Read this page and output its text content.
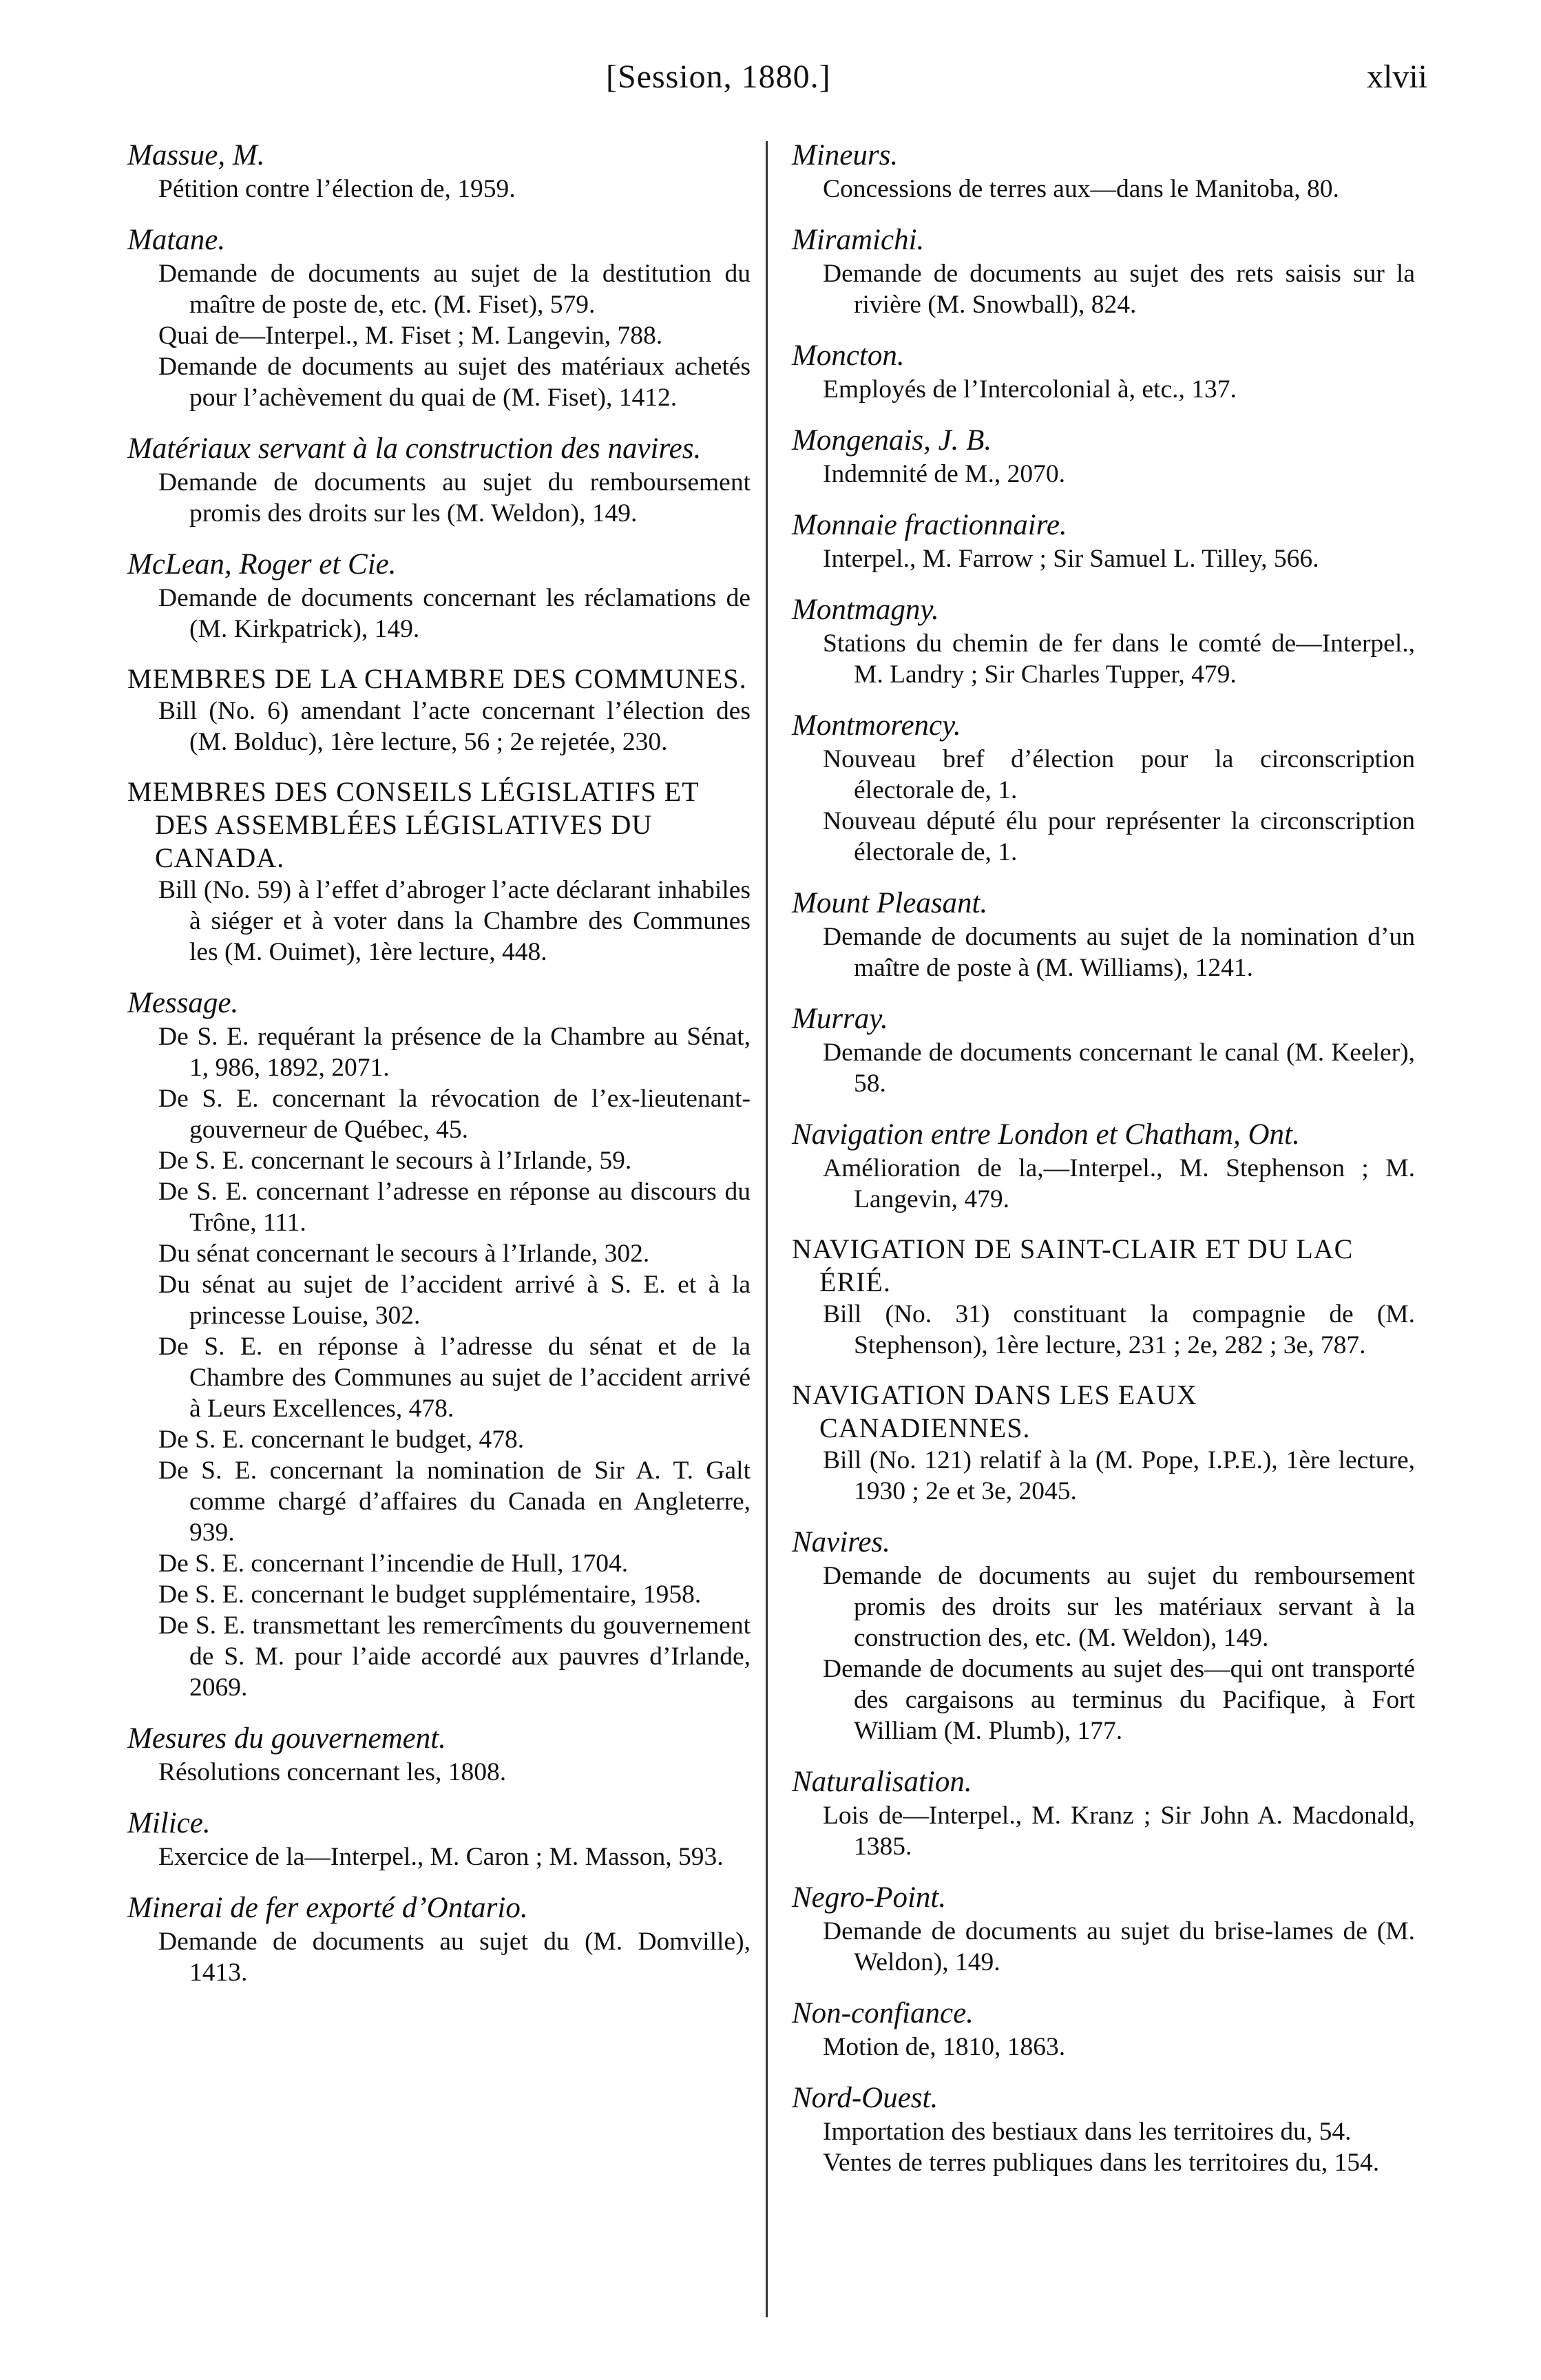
[Session, 1880.]	xlvii

Massue, M.

Pétition contre l’élection de, 1959.

Matane.

Demande de documents au sujet de la destitution du maître de poste de, etc. (M. Fiset), 579.

Quai de—Interpel., M. Fiset ; M. Langevin, 788.

Demande de documents au sujet des matériaux achetés pour l’achèvement du quai de (M. Fiset), 1412.

Matériaux servant à la construction des navires.

Demande de documents au sujet du remboursement promis des droits sur les (M. Weldon), 149.

McLean, Roger et Cie.

Demande de documents concernant les réclamations de (M. Kirkpatrick), 149.

MEMBRES DE LA CHAMBRE DES COMMUNES.

Bill (No. 6) amendant l’acte concernant l’élection des (M. Bolduc), 1ère lecture, 56 ; 2e rejetée, 230.

MEMBRES DES CONSEILS LÉGISLATIFS ET DES ASSEMBLÉES LÉGISLATIVES DU CANADA.

Bill (No. 59) à l’effet d’abroger l’acte déclarant inhabiles à siéger et à voter dans la Chambre des Communes les (M. Ouimet), 1ère lecture, 448.

Message.

De S. E. requérant la présence de la Chambre au Sénat, 1, 986, 1892, 2071.

De S. E. concernant la révocation de l’ex-lieutenant-gouverneur de Québec, 45.

De S. E. concernant le secours à l’Irlande, 59.

De S. E. concernant l’adresse en réponse au discours du Trône, 111.

Du sénat concernant le secours à l’Irlande, 302.

Du sénat au sujet de l’accident arrivé à S. E. et à la princesse Louise, 302.

De S. E. en réponse à l’adresse du sénat et de la Chambre des Communes au sujet de l’accident arrivé à Leurs Excellences, 478.

De S. E. concernant le budget, 478.

De S. E. concernant la nomination de Sir A. T. Galt comme chargé d’affaires du Canada en Angleterre, 939.

De S. E. concernant l’incendie de Hull, 1704.

De S. E. concernant le budget supplémentaire, 1958.

De S. E. transmettant les remercîments du gouvernement de S. M. pour l’aide accordé aux pauvres d’Irlande, 2069.

Mesures du gouvernement.

Résolutions concernant les, 1808.

Milice.

Exercice de la—Interpel., M. Caron ; M. Masson, 593.

Minerai de fer exporté d’Ontario.

Demande de documents au sujet du (M. Domville), 1413.

Mineurs.

Concessions de terres aux—dans le Manitoba, 80.

Miramichi.

Demande de documents au sujet des rets saisis sur la rivière (M. Snowball), 824.

Moncton.

Employés de l’Intercolonial à, etc., 137.

Mongenais, J. B.

Indemnité de M., 2070.

Monnaie fractionnaire.

Interpel., M. Farrow ; Sir Samuel L. Tilley, 566.

Montmagny.

Stations du chemin de fer dans le comté de—Interpel., M. Landry ; Sir Charles Tupper, 479.

Montmorency.

Nouveau bref d’élection pour la circonscription électorale de, 1.

Nouveau député élu pour représenter la circonscription électorale de, 1.

Mount Pleasant.

Demande de documents au sujet de la nomination d’un maître de poste à (M. Williams), 1241.

Murray.

Demande de documents concernant le canal (M. Keeler), 58.

Navigation entre London et Chatham, Ont.

Amélioration de la,—Interpel., M. Stephenson ; M. Langevin, 479.

NAVIGATION DE SAINT-CLAIR ET DU LAC ÉRIÉ.

Bill (No. 31) constituant la compagnie de (M. Stephenson), 1ère lecture, 231 ; 2e, 282 ; 3e, 787.

NAVIGATION DANS LES EAUX CANADIENNES.

Bill (No. 121) relatif à la (M. Pope, I.P.E.), 1ère lecture, 1930 ; 2e et 3e, 2045.

Navires.

Demande de documents au sujet du remboursement promis des droits sur les matériaux servant à la construction des, etc. (M. Weldon), 149.

Demande de documents au sujet des—qui ont transporté des cargaisons au terminus du Pacifique, à Fort William (M. Plumb), 177.

Naturalisation.

Lois de—Interpel., M. Kranz ; Sir John A. Macdonald, 1385.

Negro-Point.

Demande de documents au sujet du brise-lames de (M. Weldon), 149.

Non-confiance.

Motion de, 1810, 1863.

Nord-Ouest.

Importation des bestiaux dans les territoires du, 54.

Ventes de terres publiques dans les territoires du, 154.
